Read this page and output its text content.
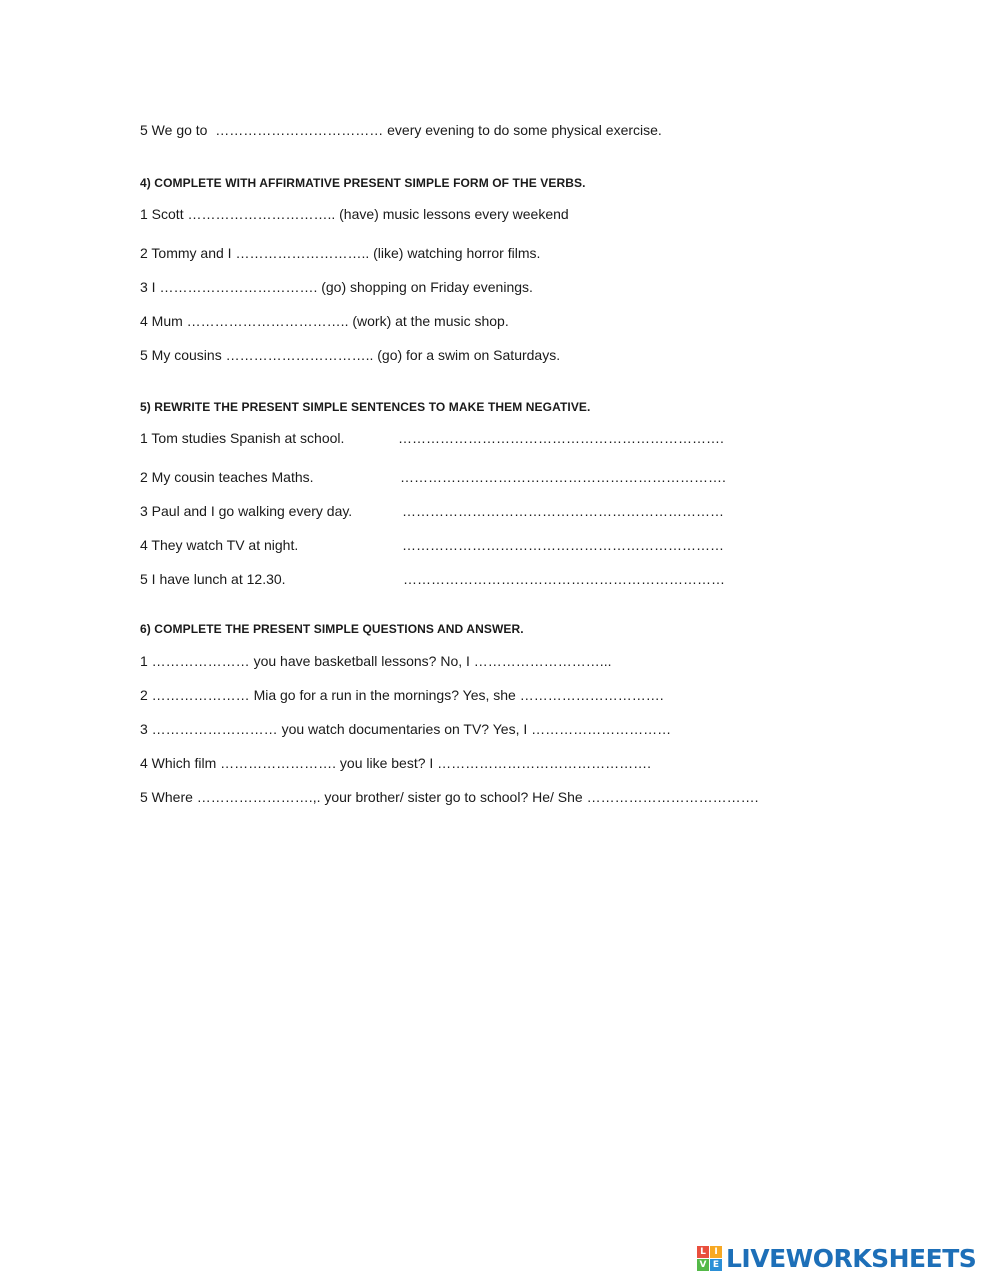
5 We go to  ……………………………… every evening to do some physical exercise.
4) COMPLETE WITH AFFIRMATIVE PRESENT SIMPLE FORM OF THE VERBS.
1 Scott ………………………….. (have) music lessons every weekend
2 Tommy and I ……………………….. (like) watching horror films.
3 I ……………………………. (go) shopping on Friday evenings.
4 Mum …………………………….. (work) at the music shop.
5 My cousins ………………………….. (go) for a swim on Saturdays.
5) REWRITE THE PRESENT SIMPLE SENTENCES TO MAKE THEM NEGATIVE.
1 Tom studies Spanish at school.	…………………………………………………………….
2 My cousin teaches Maths.	…………………………………………………………….
3 Paul and I go walking every day.	……………………………………………………………
4 They watch TV at night.	……………………………………………………………
5 I have lunch at 12.30.	……………………………………………………………
6) COMPLETE THE PRESENT SIMPLE QUESTIONS AND ANSWER.
1 ………………… you have basketball lessons? No, I ………………………...
2 ………………… Mia go for a run in the mornings? Yes, she ………………………….
3 ……………………… you watch documentaries on TV? Yes, I …………………………
4 Which film ……………………. you like best? I ……………………………………….
5 Where …………………….,. your brother/ sister go to school? He/ She ……………………………….
L I
V E LIVEWORKSHEETS
